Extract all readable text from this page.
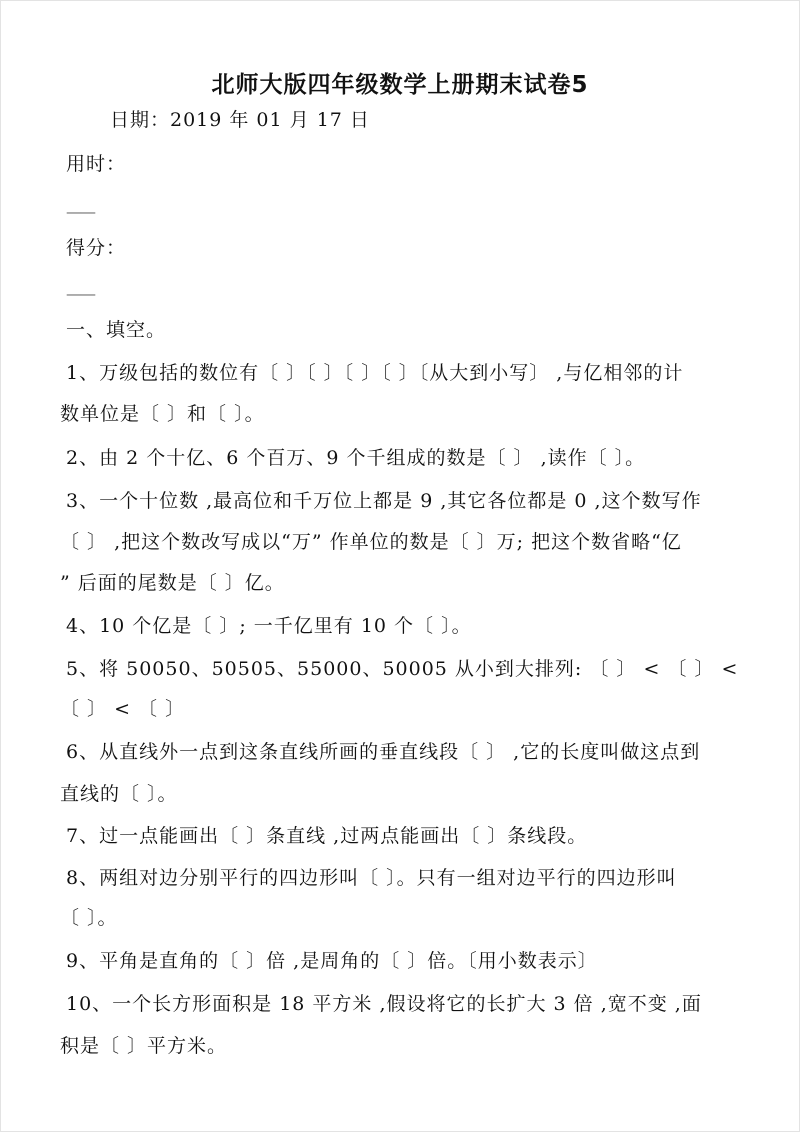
北师大版四年级数学上册期末试卷5
日期：2019 年 01 月 17 日
用时：
——
得分：
——
一、填空。
1、万级包括的数位有〔 〕〔 〕〔 〕〔 〕〔从大到小写〕 ,与亿相邻的计
数单位是〔 〕和〔 〕。
2、由 2 个十亿、6 个百万、9 个千组成的数是〔 〕 ,读作〔 〕。
3、一个十位数 ,最高位和千万位上都是 9 ,其它各位都是 0 ,这个数写作
〔 〕 ,把这个数改写成以“万” 作单位的数是〔 〕万; 把这个数省略“亿
” 后面的尾数是〔 〕亿。
4、10 个亿是〔 〕; 一千亿里有 10 个〔 〕。
5、将 50050、50505、55000、50005 从小到大排列: 〔 〕 < 〔 〕 <
〔 〕 < 〔 〕
6、从直线外一点到这条直线所画的垂直线段〔 〕 ,它的长度叫做这点到
直线的〔 〕。
7、过一点能画出〔 〕条直线 ,过两点能画出〔 〕条线段。
8、两组对边分别平行的四边形叫〔 〕。只有一组对边平行的四边形叫
〔 〕。
9、平角是直角的〔 〕倍 ,是周角的〔 〕倍。〔用小数表示〕
10、一个长方形面积是 18 平方米 ,假设将它的长扩大 3 倍 ,宽不变 ,面
积是〔 〕平方米。
